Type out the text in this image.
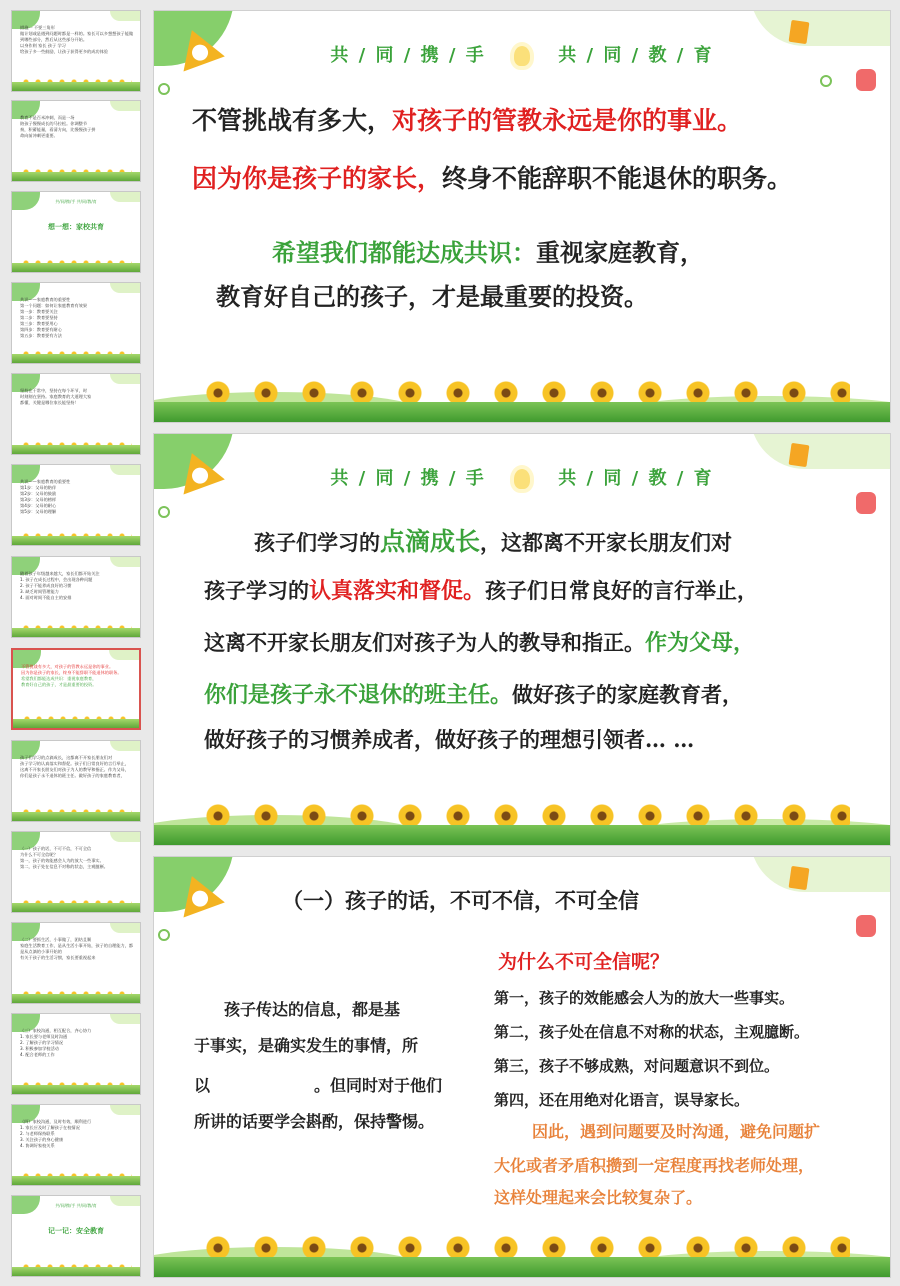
措施一 不要三角形
做计划或是遇到问题时都是一样的。家长可以多想想孩子能做到哪些部分，然后从这些部分开始。
以身作则 家长 孩子 学习
给孩子多一些鼓励，让孩子获得更多的成功体验
教育不是百米冲刺，而是一场
陪孩子慢慢成长的马拉松。你调整节
奏，积蓄能量，看清方向，比慢慢孩子拼
命向前冲刺更重要。
共/同/携/手 共/同/教/育
想一想：家校共育
共识——家庭教育的重要性
第一个问题：如何让家庭教育有效果
第一步：教育要关注
第二步：教育要坚持
第三步：教育要用心
第四步：教育要有耐心
第五步：教育要有方法
坚持在于常中，坚持在每个环节，时
时刻刻在坚持。家庭教育的大道理大家
都懂，关键是哪位家长能坚持！
共识——家庭教育的重要性
第1步：父母的陪伴
第2步：父母的鼓励
第3步：父母的榜样
第4步：父母的耐心
第5步：父母的理解
随着孩子年级越来越大，家长们都开始关注
1. 孩子在成长过程中，会出现各种问题
2. 孩子不能养成良好的习惯
3. 缺乏时间管理能力
4. 面对时间不能自主的安排
不管挑战有多大，对孩子的管教永远是你的事业。
因为你是孩子的家长，终身不能辞职不能退休的职务。
希望我们都能达成共识：重视家庭教育，
教育好自己的孩子，才是最重要的投资。
孩子们学习的点滴成长，这都离不开家长朋友们对
孩子学习的认真落实和督促。孩子们日常良好的言行举止，
这离不开家长朋友们对孩子为人的教导和指正。作为父母，
你们是孩子永不退休的班主任。做好孩子的家庭教育者，
（一）孩子的话，不可不信，不可全信
为什么不可全信呢？
第一，孩子的效能感会人为的放大一些事实。
第二，孩子处在信息不对称的状态，主观臆断。
（二）要抓生活，小事做了，团结且顺
家庭生活教育工作，是从生活小事开始，孩子的自理能力，都是从点滴的小事开始的
有关于孩子的生活习惯，家长要重视起来
（三）家校沟通，相互配合，齐心协力
1. 家长要与老师及时沟通
2. 了解孩子的学习情况
3. 积极参加学校活动
4. 配合老师的工作
（四）家校沟通，及时有效，顺利进行
1. 家长应及时了解孩子在校情况
2. 与老师保持联系
3. 关注孩子的身心健康
4. 协调好家校关系
共/同/携/手 共/同/教/育
记一记：安全教育
共 / 同 / 携 / 手	共 / 同 / 教 / 育
不管挑战有多大，对孩子的管教永远是你的事业。
因为你是孩子的家长，终身不能辞职不能退休的职务。
希望我们都能达成共识：重视家庭教育，
教育好自己的孩子，才是最重要的投资。
共 / 同 / 携 / 手	共 / 同 / 教 / 育
孩子们学习的点滴成长，这都离不开家长朋友们对
孩子学习的认真落实和督促。孩子们日常良好的言行举止，
这离不开家长朋友们对孩子为人的教导和指正。作为父母，
你们是孩子永不退休的班主任。做好孩子的家庭教育者，
做好孩子的习惯养成者，做好孩子的理想引领者… …
（一）孩子的话，不可不信，不可全信
为什么不可全信呢？
第一，孩子的效能感会人为的放大一些事实。
第二，孩子处在信息不对称的状态，主观臆断。
第三，孩子不够成熟，对问题意识不到位。
第四，还在用绝对化语言，误导家长。
孩子传达的信息，都是基
于事实，是确实发生的事情，所
以	。但同时对于他们
所讲的话要学会斟酌，保持警惕。
因此，遇到问题要及时沟通，避免问题扩
大化或者矛盾积攒到一定程度再找老师处理，
这样处理起来会比较复杂了。
